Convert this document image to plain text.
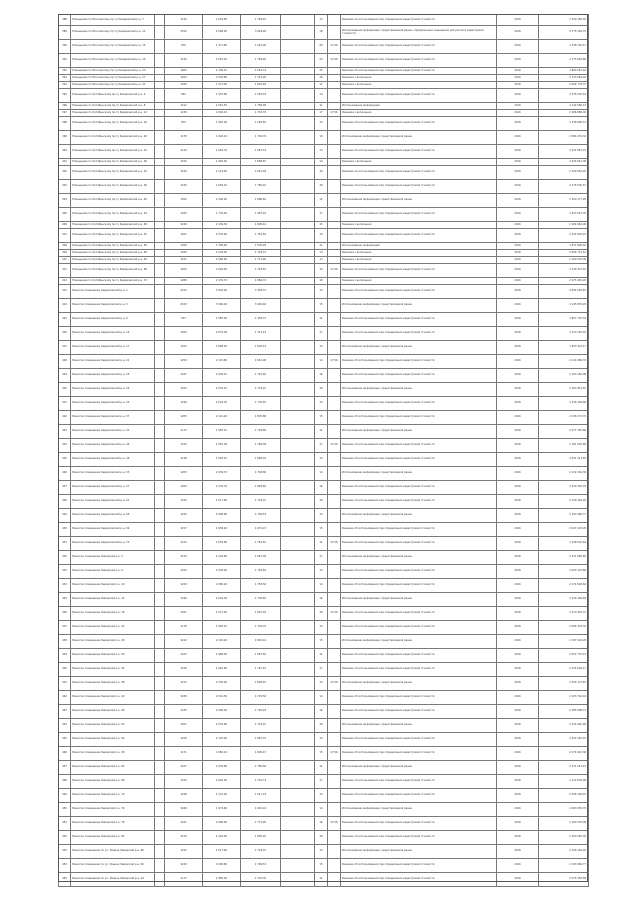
388	Помещение по Московскому пр-ту Кемеровский р-н, 7		1230	2 016,80	1 748,45		13		Решение об использовании при определении кадастровой стоимости	2016	2 320 184,16
389	Помещение по Московскому пр-ту Кемеровский р-н, 11		2700	4 568,90	3 918,26		18		Использование информации, представленной ранее, определенных оценщиком для расчета кадастровой стоимости	2016	5 775 183,72
390	Помещение по Московскому пр-ту Кемеровский р-н, 15		870	1 471,80	1 261,96		28	27,56	Решение об использовании при определении кадастровой стоимости	2016	1 538 702,11
391	Помещение по Московскому пр-ту Кемеровский р-н, 19		1230	2 081,20	1 784,40		29	27,56	Решение об использовании при определении кадастровой стоимости	2016	2 175 664,80
392	Помещение по Московскому пр-ту Кемеровский р-н, 23		1063	1 799,10	1 542,74		15		Решение об использовании при определении кадастровой стоимости	2016	1 880 561,40
393	Помещение по Московскому пр-ту Кемеровский р-н, 27		1200	2 030,80	1 741,26		16		Решение о включении	2016	2 123 064,29
394	Помещение по Московскому пр-ту Кемеровский р-н, 31		1166	1 973,90	1 691,84		12		Решение о включении	2016	2 062 778,37
395	Помещение по Октябрьскому пр-ту Кемеровский р-н, 4		891	1 507,80	1 293,18		14		Решение об использовании при определении кадастровой стоимости	2016	1 576 002,52
396	Помещение по Октябрьскому пр-ту Кемеровский р-н, 8		1212	2 051,50	1 758,98		11		Использование информации	2016	2 144 566,13
397	Помещение по Октябрьскому пр-ту Кемеровский р-н, 12		1236	2 092,10	1 793,76		17	27,56	Решение о включении	2016	2 186 868,00
398	Помещение по Октябрьскому пр-ту Кемеровский р-н, 16		875	1 481,00	1 269,82		10		Решение об использовании при определении кадастровой стоимости	2016	1 548 080,14
399	Помещение по Октябрьскому пр-ту Кемеровский р-н, 20		1178	1 994,10	1 709,76		19		Использование информации, представленной ранее	2016	2 084 479,32
400	Помещение по Октябрьскому пр-ту Кемеровский р-н, 24		1149	1 944,70	1 667,43		13		Решение об использовании при определении кадастровой стоимости	2016	2 032 843,15
401	Помещение по Октябрьскому пр-ту Кемеровский р-н, 28		1150	1 946,40	1 668,87		14		Решение о включении	2016	2 034 612,38
402	Помещение по Октябрьскому пр-ту Кемеровский р-н, 32		1249	2 113,90	1 812,48		16		Решение об использовании при определении кадастровой стоимости	2016	2 209 691,20
403	Помещение по Октябрьскому пр-ту Кемеровский р-н, 36		1230	2 082,10	1 785,10		18		Решение об использовании при определении кадастровой стоимости	2016	2 176 530,57
404	Помещение по Октябрьскому пр-ту Кемеровский р-н, 40		1300	2 200,40	1 886,62		12		Использование информации, представленной ранее	2016	2 300 177,26
405	Помещение по Октябрьскому пр-ту Кемеровский р-н, 44		1025	1 734,90	1 487,49		17		Решение об использовании при определении кадастровой стоимости	2016	1 813 547,78
406	Помещение по Октябрьскому пр-ту Кемеровский р-н, 48		1246	2 109,30	1 808,44		15		Решение о включении	2016	2 204 962,06
407	Помещение по Октябрьскому пр-ту Кемеровский р-н, 52		1201	2 032,60	1 742,84		19		Решение об использовании при определении кадастровой стоимости	2016	2 124 834,24
408	Помещение по Октябрьскому пр-ту Кемеровский р-н, 56		1058	1 790,60	1 535,28		11		Использование информации	2016	1 871 826,40
409	Помещение по Октябрьскому пр-ту Кемеровский р-н, 60		1184	2 003,90	1 718,15		14		Решение о включении	2016	2 094 721,51
410	Помещение по Октябрьскому пр-ту Кемеровский р-н, 64		1221	2 066,60	1 771,90		13		Решение о включении	2016	2 160 276,38
411	Помещение по Октябрьскому пр-ту Кемеровский р-н, 68		1209	2 046,50	1 754,62		16	27,56	Решение об использовании при определении кадастровой стоимости	2016	2 139 327,10
412	Помещение по Октябрьскому пр-ту Кемеровский р-н, 72		1286	2 176,70	1 866,33		18		Решение о включении	2016	2 275 445,26
413	Нежилое помещение Свердловский р-н, 1		2314	3 916,90	3 358,37		12		Решение об использовании при определении кадастровой стоимости	2016	4 094 549,81
414	Нежилое помещение Свердловский р-н, 5		2343	3 966,00	3 400,46		15		Использование информации, представленной ранее	2016	4 145 876,93
415	Нежилое помещение Свердловский р-н, 9		937	1 585,90	1 359,75		11		Решение об использовании при определении кадастровой стоимости	2016	1 657 797,34
416	Нежилое помещение Свердловский р-н, 13		1200	2 031,00	1 741,44		17		Решение об использовании при определении кадастровой стоимости	2016	2 123 225,44
417	Нежилое помещение Свердловский р-н, 17		1104	1 868,50	1 602,12		13		Использование информации, представленной ранее	2016	1 953 312,17
418	Нежилое помещение Свердловский р-н, 21		1250	2 115,80	1 814,08		14	27,56	Решение об использовании при определении кадастровой стоимости	2016	2 211 686,33
419	Нежилое помещение Свердловский р-н, 25		1187	2 009,10	1 722,60		16		Решение об использовании при определении кадастровой стоимости	2016	2 100 162,98
420	Нежилое помещение Свердловский р-н, 29		1223	2 070,10	1 774,91		18		Использование информации, представленной ранее	2016	2 163 951,52
421	Нежилое помещение Свердловский р-н, 33		1196	2 024,30	1 735,65		12		Решение об использовании при определении кадастровой стоимости	2016	2 116 169,48
422	Нежилое помещение Свердловский р-н, 37		1265	2 141,20	1 835,88		15		Решение об использовании при определении кадастровой стоимости	2016	2 238 273,70
423	Нежилое помещение Свердловский р-н, 41		1174	1 987,10	1 703,80		11		Использование информации, представленной ранее	2016	2 077 165,66
424	Нежилое помещение Свердловский р-н, 45		1233	2 087,00	1 789,38		17	27,56	Решение об использовании при определении кадастровой стоимости	2016	2 181 525,58
425	Нежилое помещение Свердловский р-н, 49		1148	1 943,10	1 666,04		13		Решение об использовании при определении кадастровой стоимости	2016	2 031 214,83
426	Нежилое помещение Свердловский р-н, 53		1205	2 039,70	1 748,86		14		Использование информации, представленной ранее	2016	2 132 240,39
427	Нежилое помещение Свердловский р-н, 57		1260	2 132,70	1 828,60		16		Решение об использовании при определении кадастровой стоимости	2016	2 229 345,03
428	Нежилое помещение Свердловский р-н, 61		1192	2 017,60	1 729,91		18		Решение об использовании при определении кадастровой стоимости	2016	2 109 164,26
429	Нежилое помещение Свердловский р-н, 65		1240	2 098,80	1 799,53		12		Использование информации, представленной ранее	2016	2 193 960,77
430	Нежилое помещение Свердловский р-н, 69		1157	1 958,40	1 679,15		15		Решение об использовании при определении кадастровой стоимости	2016	2 047 203,05
431	Нежилое помещение Свердловский р-н, 73		1214	2 054,80	1 761,81		11	27,56	Решение об использовании при определении кадастровой стоимости	2016	2 148 001,64
432	Нежилое помещение Заводский р-н, 2		1270	2 149,60	1 843,09		17		Использование информации, представленной ранее	2016	2 247 069,85
433	Нежилое помещение Заводский р-н, 6		1183	2 002,40	1 716,84		13		Решение об использовании при определении кадастровой стоимости	2016	2 093 197,89
434	Нежилое помещение Заводский р-н, 10		1229	2 080,20	1 783,56		14		Решение об использовании при определении кадастровой стоимости	2016	2 174 548,64
435	Нежилое помещение Заводский р-н, 14		1196	2 024,30	1 735,65		16		Использование информации, представленной ранее	2016	2 116 169,48
436	Нежилое помещение Заводский р-н, 18		1251	2 117,50	1 815,49		18	27,56	Решение об использовании при определении кадастровой стоимости	2016	2 213 452,72
437	Нежилое помещение Заводский р-н, 22		1178	1 994,10	1 709,76		12		Решение об использовании при определении кадастровой стоимости	2016	2 084 479,32
438	Нежилое помещение Заводский р-н, 26		1242	2 102,20	1 802,44		15		Использование информации, представленной ранее	2016	2 197 504,28
439	Нежилое помещение Заводский р-н, 30		1163	1 968,50	1 687,82		11		Решение об использовании при определении кадастровой стоимости	2016	2 057 770,13
440	Нежилое помещение Заводский р-н, 34		1218	2 061,60	1 767,61		17		Решение об использовании при определении кадастровой стоимости	2016	2 155 049,17
441	Нежилое помещение Заводский р-н, 38		1274	2 156,40	1 848,91		13	27,56	Использование информации, представленной ранее	2016	2 254 172,87
442	Нежилое помещение Заводский р-н, 42		1189	2 012,50	1 725,50		14		Решение об использовании при определении кадастровой стоимости	2016	2 103 702,44
443	Нежилое помещение Заводский р-н, 46		1235	2 090,40	1 792,29		16		Решение об использовании при определении кадастровой стоимости	2016	2 185 098,71
444	Нежилое помещение Заводский р-н, 50		1201	2 032,80	1 742,91		18		Использование информации, представленной ранее	2016	2 124 920,99
445	Нежилое помещение Заводский р-н, 54		1256	2 125,90	1 822,75		12		Решение об использовании при определении кадастровой стоимости	2016	2 222 242,01
446	Нежилое помещение Заводский р-н, 58		1171	1 982,10	1 699,47		15	27,56	Решение об использовании при определении кадастровой стоимости	2016	2 071 921,36
447	Нежилое помещение Заводский р-н, 62		1227	2 076,80	1 780,66		11		Использование информации, представленной ранее	2016	2 171 013,21
448	Нежилое помещение Заводский р-н, 66		1194	2 020,90	1 732,74		17		Решение об использовании при определении кадастровой стоимости	2016	2 112 634,06
449	Нежилое помещение Заводский р-н, 70		1248	2 112,40	1 811,19		13		Решение об использовании при определении кадастровой стоимости	2016	2 208 100,42
450	Нежилое помещение Заводский р-н, 74		1166	1 973,60	1 692,16		14		Использование информации, представленной ранее	2016	2 063 035,79
451	Нежилое помещение Заводский р-н, 78		1221	2 066,60	1 771,90		16	27,56	Решение об использовании при определении кадастровой стоимости	2016	2 160 276,38
452	Нежилое помещение Заводский р-н, 82		1279	2 164,90	1 856,20		18		Решение об использовании при определении кадастровой стоимости	2016	2 263 045,30
453	Нежилое помещение по ул. Ленина Заводский р-н, 86		1192	2 017,60	1 729,91		12		Использование информации, представленной ранее	2016	2 109 164,26
454	Нежилое помещение по ул. Ленина Заводский р-н, 90		1240	2 098,80	1 799,53		15		Решение об использовании при определении кадастровой стоимости	2016	2 193 960,77
455	Нежилое помещение по ул. Ленина Заводский р-н, 94		1173	1 985,40	1 702,30		11		Решение об использовании при определении кадастровой стоимости	2016	2 075 363,58
